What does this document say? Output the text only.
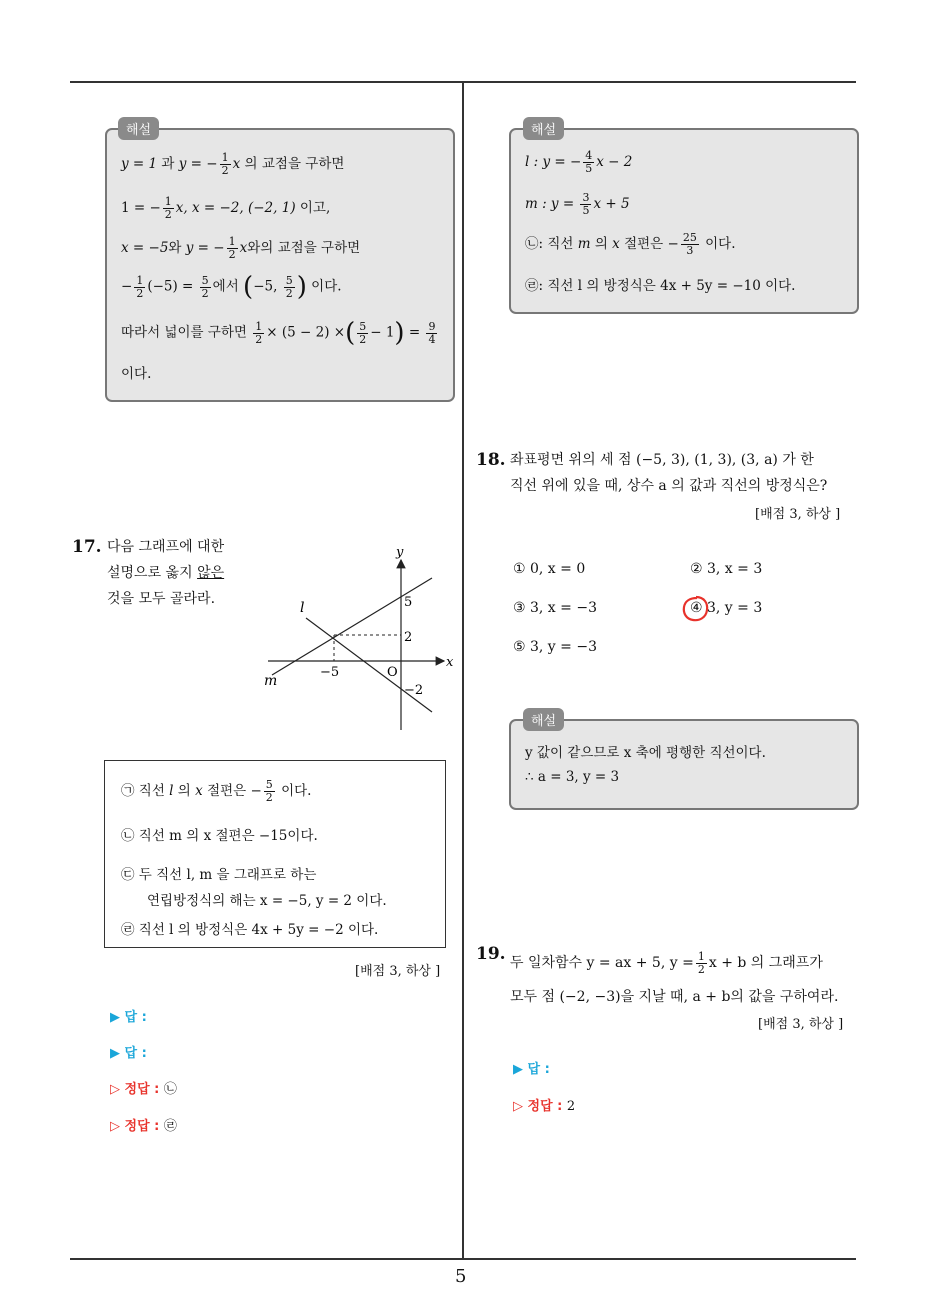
5
y = 1 과 y = − $\frac{1}{2}$ x 의 교점을 구하면
1 = − $\frac{1}{2} x$, x = −2, (−2, 1) 이고,
x = −5와 y = − $\frac{1}{2}$ x와의 교점을 구하면
− $\frac{1}{2} (-5) = \frac{5}{2}$ 에서 (−5, $\frac{5}{2}$ ) 이다.
따라서 넓이를 구하면 $\frac{1}{2} \times (5 - 2)$ ×( $\frac{5}{2} - 1) = \frac{9}{4}$
이다.
해설
l : y = − $\frac{4}{5}$ x − 2
m : $y = \frac{3}{5}$ x + 5
㉡: 직선 m 의 x 절편은 − $\frac{25}{3}$ 이다.
㉣: 직선 l 의 방정식은 4x + 5y = −10 이다.
해설
17. 다음 그래프에 대한
설명으로 옳지 않은
것을 모두 골라라.
y
x
l
m
5
2
−5	O
−2
㉠ 직선 l 의 x 절편은 − $\frac{5}{2}$ 이다.
㉡ 직선 m 의 x 절편은 −15이다.
㉢ 두 직선 l, m 을 그래프로 하는
연립방정식의 해는 x = −5, y = 2 이다.
㉣ 직선 l 의 방정식은 4x + 5y = −2 이다.
[배점 3, 하상 ]
▶ 답 :
▶ 답 :
▷ 정답 : ㉡
▷ 정답 : ㉣
18. 좌표평면 위의 세 점 (−5, 3), (1, 3), (3, a) 가 한
직선 위에 있을 때, 상수 a 의 값과 직선의 방정식은?
[배점 3, 하상 ]
① 0, x = 0	② 3, x = 3
③ 3, x = −3	④ 3, y = 3
⑤ 3, y = −3
y 값이 같으므로 x 축에 평행한 직선이다.
∴ a = 3, y = 3
해설
19. 두 일차함수 y = ax + 5, $y = \frac{1}{2}$ x + b 의 그래프가
모두 점 (−2, −3)을 지날 때, a + b의 값을 구하여라.
[배점 3, 하상 ]
▶ 답 :
▷ 정답 : 2
